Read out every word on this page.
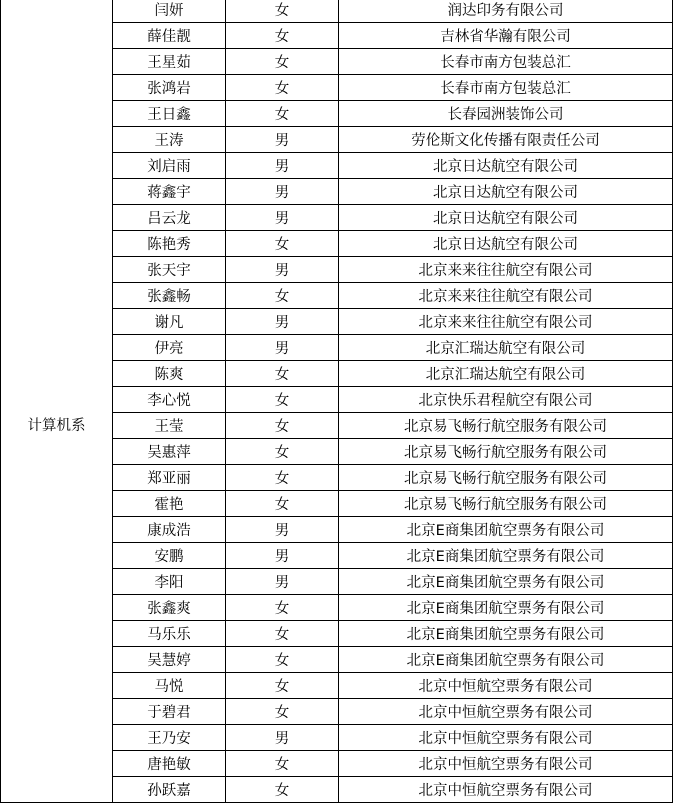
计算机系	闫妍	女	润达印务有限公司
	薛佳靓	女	吉林省华瀚有限公司
	王星茹	女	长春市南方包装总汇
	张鸿岩	女	长春市南方包装总汇
	王日鑫	女	长春园洲装饰公司
	王涛	男	劳伦斯文化传播有限责任公司
	刘启雨	男	北京日达航空有限公司
	蒋鑫宇	男	北京日达航空有限公司
	吕云龙	男	北京日达航空有限公司
	陈艳秀	女	北京日达航空有限公司
	张天宇	男	北京来来往往航空有限公司
	张鑫畅	女	北京来来往往航空有限公司
	谢凡	男	北京来来往往航空有限公司
	伊亮	男	北京汇瑞达航空有限公司
	陈爽	女	北京汇瑞达航空有限公司
	李心悦	女	北京快乐君程航空有限公司
	王莹	女	北京易飞畅行航空服务有限公司
	吴惠萍	女	北京易飞畅行航空服务有限公司
	郑亚丽	女	北京易飞畅行航空服务有限公司
	霍艳	女	北京易飞畅行航空服务有限公司
	康成浩	男	北京E商集团航空票务有限公司
	安鹏	男	北京E商集团航空票务有限公司
	李阳	男	北京E商集团航空票务有限公司
	张鑫爽	女	北京E商集团航空票务有限公司
	马乐乐	女	北京E商集团航空票务有限公司
	吴慧婷	女	北京E商集团航空票务有限公司
	马悦	女	北京中恒航空票务有限公司
	于碧君	女	北京中恒航空票务有限公司
	王乃安	男	北京中恒航空票务有限公司
	唐艳敏	女	北京中恒航空票务有限公司
	孙跃嘉	女	北京中恒航空票务有限公司
